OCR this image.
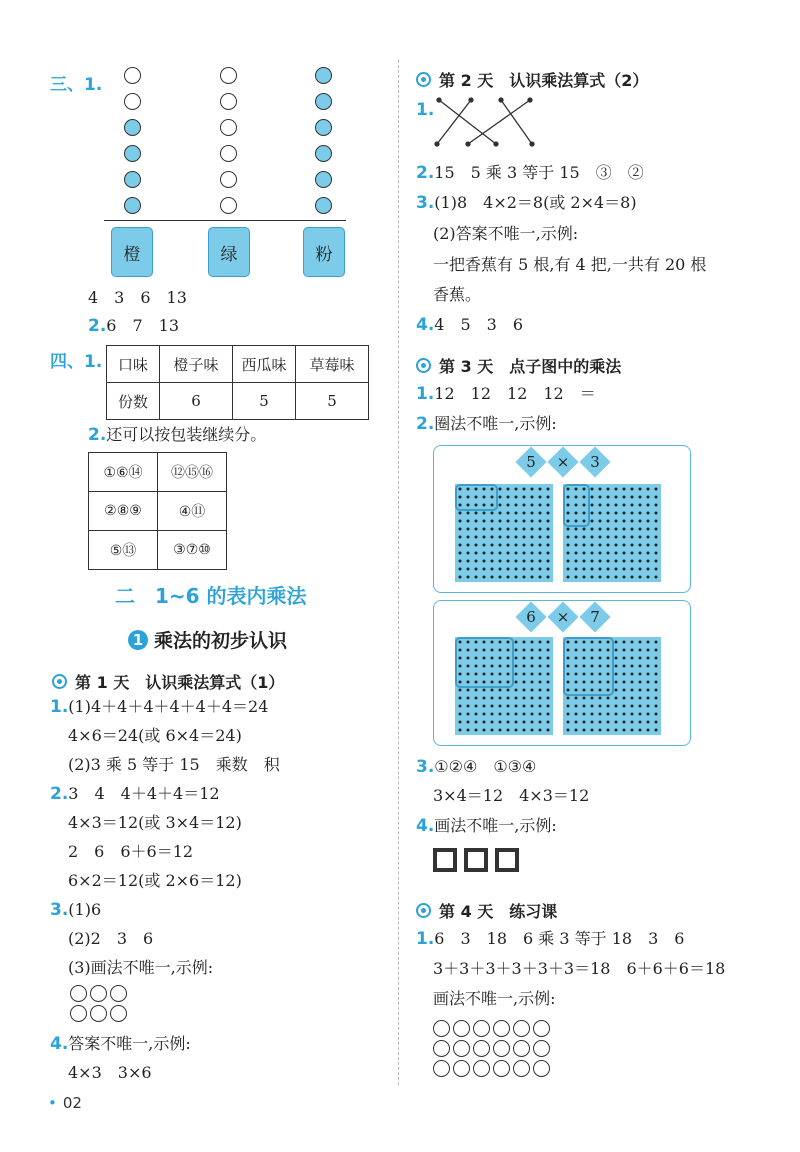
三、1.
橙	绿	粉
4　3　6　13
2.6　7　13
四、1. 口味	橙子味	西瓜味	草莓味
份数	6	5	5
2.还可以按包装继续分。
①⑥⑭	⑫⑮⑯
②⑧⑨	④⑪
⑤⑬	③⑦⑩
二　1~6 的表内乘法
1 乘法的初步认识
第 1 天　认识乘法算式（1）
1.(1)4＋4＋4＋4＋4＋4＝24
4×6＝24(或 6×4＝24)
(2)3 乘 5 等于 15　乘数　积
2.3　4　4＋4＋4＝12
4×3＝12(或 3×4＝12)
2　6　6＋6＝12
6×2＝12(或 2×6＝12)
3.(1)6
(2)2　3　6
(3)画法不唯一,示例:
4.答案不唯一,示例:
4×3　3×6
• 02
第 2 天　认识乘法算式（2）
1.
2.15　5 乘 3 等于 15　③　②
3.(1)8　4×2＝8(或 2×4＝8)
(2)答案不唯一,示例:
一把香蕉有 5 根,有 4 把,一共有 20 根
香蕉。
4.4　5　3　6
第 3 天　点子图中的乘法
1.12　12　12　12　＝
2.圈法不唯一,示例:
5	×	3
6	×	7
3.①②④　①③④
3×4＝12　4×3＝12
4.画法不唯一,示例:
第 4 天　练习课
1.6　3　18　6 乘 3 等于 18　3　6
3＋3＋3＋3＋3＋3＝18　6＋6＋6＝18
画法不唯一,示例:
